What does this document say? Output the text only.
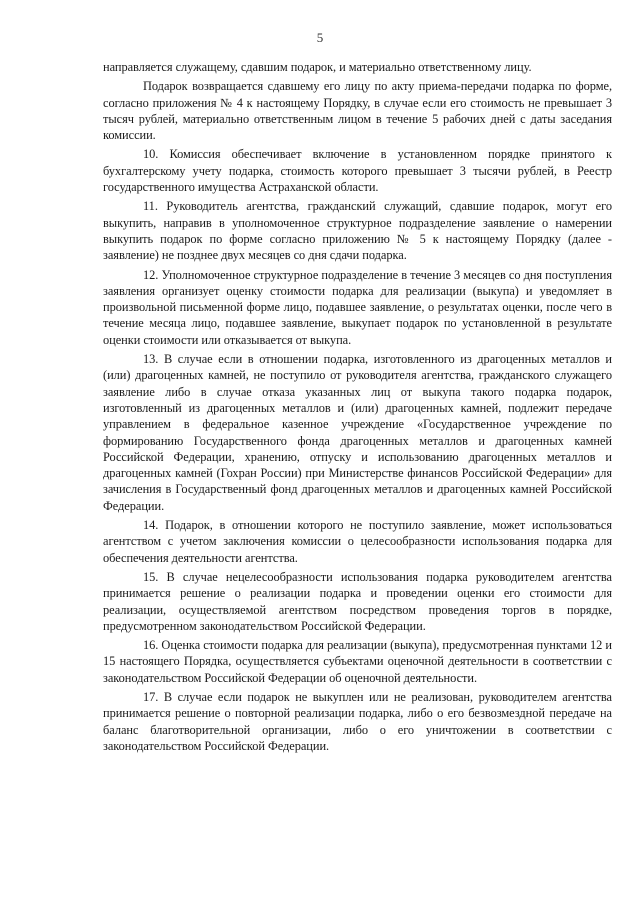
5

направляется служащему, сдавшим подарок, и материально ответственному лицу.

Подарок возвращается сдавшему его лицу по акту приема-передачи подарка по форме, согласно приложения № 4 к настоящему Порядку, в случае если его стоимость не превышает 3 тысяч рублей, материально ответственным лицом в течение 5 рабочих дней с даты заседания комиссии.

10. Комиссия обеспечивает включение в установленном порядке принятого к бухгалтерскому учету подарка, стоимость которого превышает 3 тысячи рублей, в Реестр государственного имущества Астраханской области.

11. Руководитель агентства, гражданский служащий, сдавшие подарок, могут его выкупить, направив в уполномоченное структурное подразделение заявление о намерении выкупить подарок по форме согласно приложению № 5 к настоящему Порядку (далее - заявление) не позднее двух месяцев со дня сдачи подарка.

12. Уполномоченное структурное подразделение в течение 3 месяцев со дня поступления заявления организует оценку стоимости подарка для реализации (выкупа) и уведомляет в произвольной письменной форме лицо, подавшее заявление, о результатах оценки, после чего в течение месяца лицо, подавшее заявление, выкупает подарок по установленной в результате оценки стоимости или отказывается от выкупа.

13. В случае если в отношении подарка, изготовленного из драгоценных металлов и (или) драгоценных камней, не поступило от руководителя агентства, гражданского служащего заявление либо в случае отказа указанных лиц от выкупа такого подарка подарок, изготовленный из драгоценных металлов и (или) драгоценных камней, подлежит передаче управлением в федеральное казенное учреждение «Государственное учреждение по формированию Государственного фонда драгоценных металлов и драгоценных камней Российской Федерации, хранению, отпуску и использованию драгоценных металлов и драгоценных камней (Гохран России) при Министерстве финансов Российской Федерации» для зачисления в Государственный фонд драгоценных металлов и драгоценных камней Российской Федерации.

14. Подарок, в отношении которого не поступило заявление, может использоваться агентством с учетом заключения комиссии о целесообразности использования подарка для обеспечения деятельности агентства.

15. В случае нецелесообразности использования подарка руководителем агентства принимается решение о реализации подарка и проведении оценки его стоимости для реализации, осуществляемой агентством посредством проведения торгов в порядке, предусмотренном законодательством Российской Федерации.

16. Оценка стоимости подарка для реализации (выкупа), предусмотренная пунктами 12 и 15 настоящего Порядка, осуществляется субъектами оценочной деятельности в соответствии с законодательством Российской Федерации об оценочной деятельности.

17. В случае если подарок не выкуплен или не реализован, руководителем агентства принимается решение о повторной реализации подарка, либо о его безвозмездной передаче на баланс благотворительной организации, либо о его уничтожении в соответствии с законодательством Российской Федерации.
